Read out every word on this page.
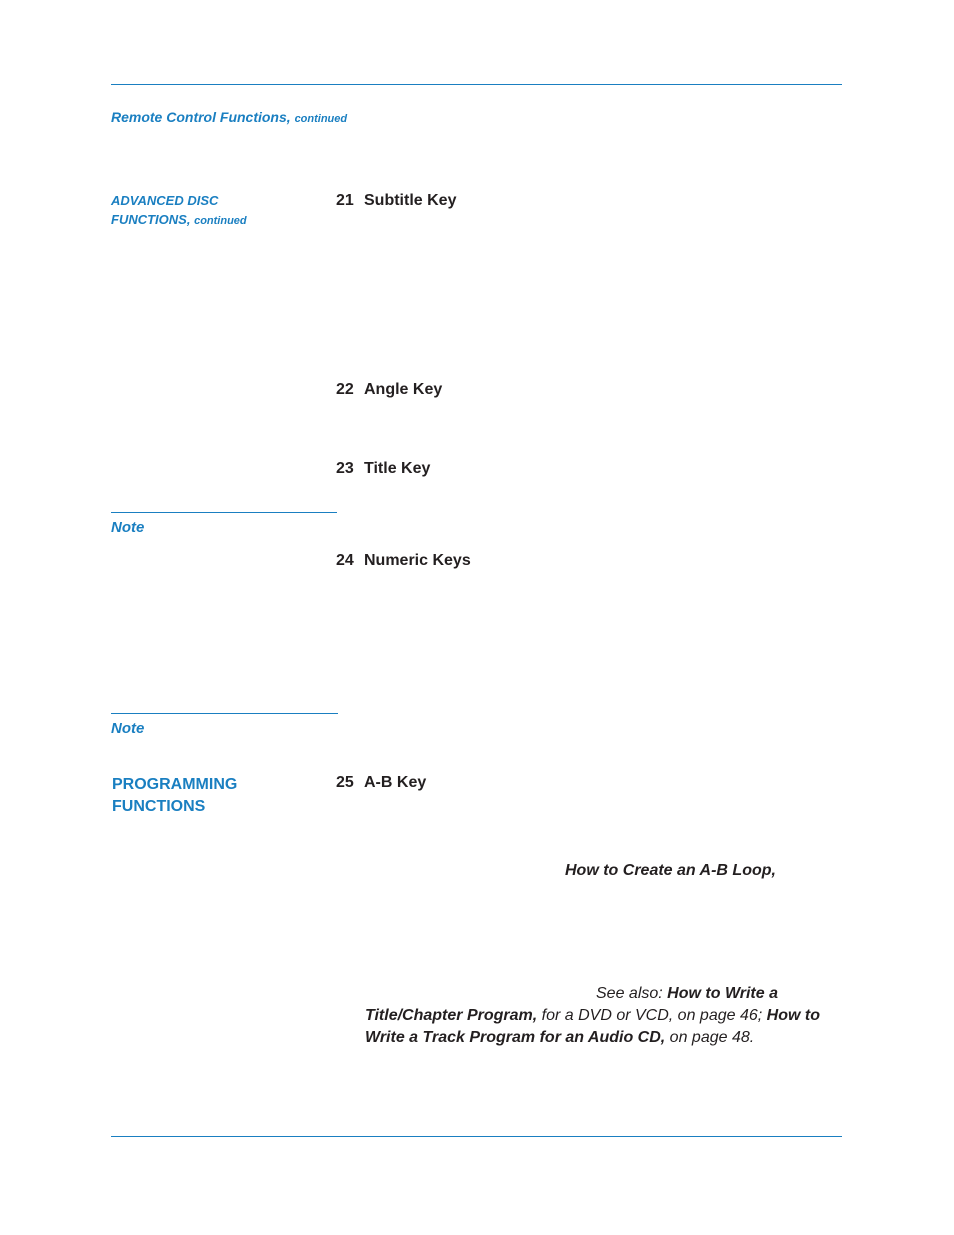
Remote Control Functions, continued
ADVANCED DISC
FUNCTIONS, continued
21 Subtitle Key
22 Angle Key
23 Title Key
Note
24 Numeric Keys
Note
PROGRAMMING
FUNCTIONS
25 A-B Key
How to Create an A-B Loop,
See also: How to Write a
Title/Chapter Program, for a DVD or VCD, on page 46; How to
Write a Track Program for an Audio CD, on page 48.
